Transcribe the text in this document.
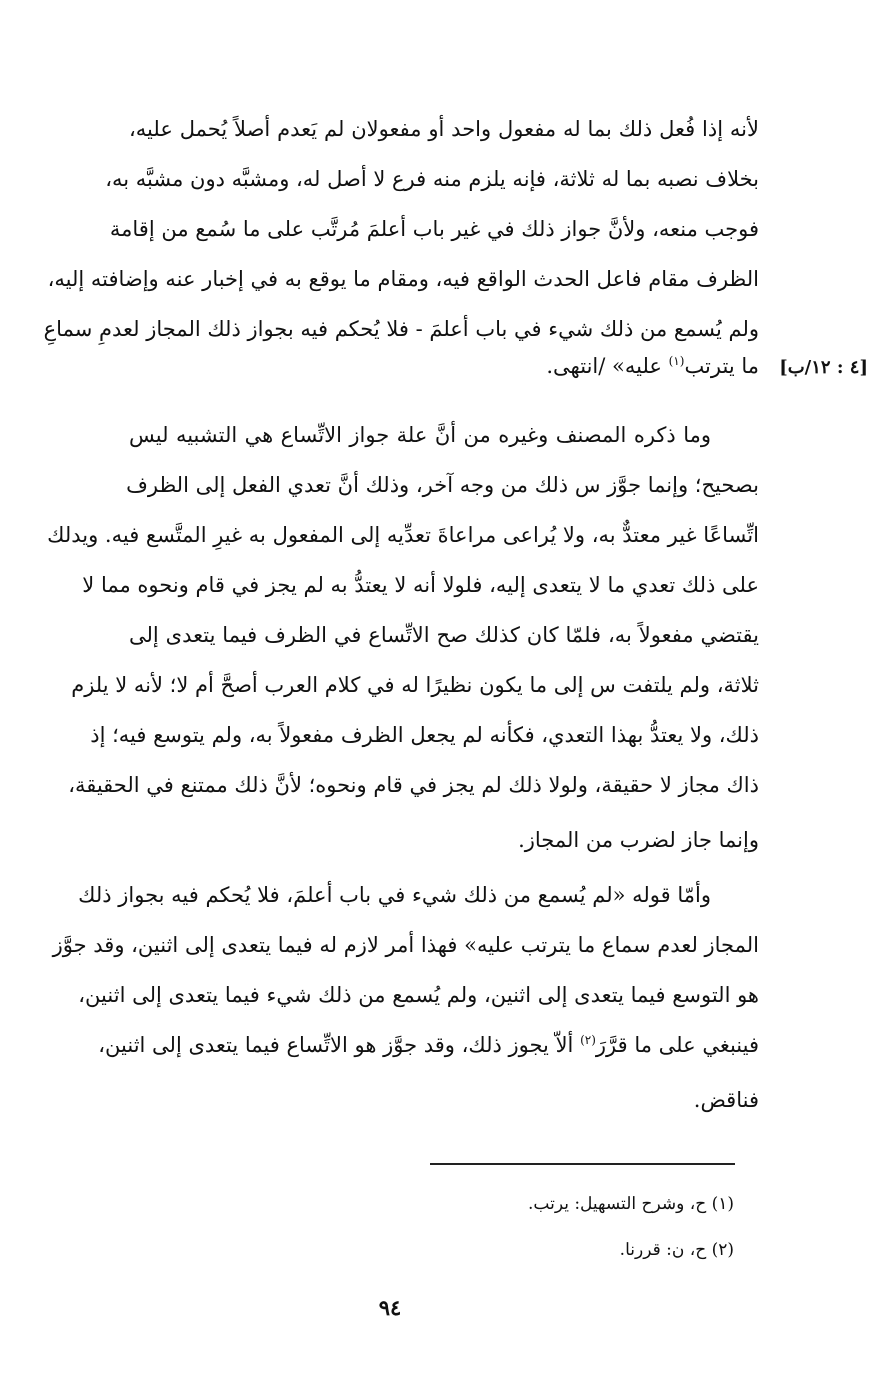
لأنه إذا فُعل ذلك بما له مفعول واحد أو مفعولان لم يَعدم أصلاً يُحمل عليه،
بخلاف نصبه بما له ثلاثة، فإنه يلزم منه فرع لا أصل له، ومشبَّه دون مشبَّه به،
فوجب منعه، ولأنَّ جواز ذلك في غير باب أعلمَ مُرتَّب على ما سُمع من إقامة
الظرف مقام فاعل الحدث الواقع فيه، ومقام ما يوقع به في إخبار عنه وإضافته إليه،
ولم يُسمع من ذلك شيء في باب أعلمَ - فلا يُحكم فيه بجواز ذلك المجاز لعدمِ سماعِ
ما يترتب$^{(١)}$ عليه» /انتهى.	[٤ : ١٢/ب]
وما ذكره المصنف وغيره من أنَّ علة جواز الاتِّساع هي التشبيه ليس
بصحيح؛ وإنما جوَّز س ذلك من وجه آخر، وذلك أنَّ تعدي الفعل إلى الظرف
اتِّساعًا غير معتدٌّ به، ولا يُراعى مراعاةَ تعدِّيه إلى المفعول به غيرِ المتَّسع فيه. ويدلك
على ذلك تعدي ما لا يتعدى إليه، فلولا أنه لا يعتدُّ به لم يجز في قام ونحوه مما لا
يقتضي مفعولاً به، فلمّا كان كذلك صح الاتِّساع في الظرف فيما يتعدى إلى
ثلاثة، ولم يلتفت س إلى ما يكون نظيرًا له في كلام العرب أصحَّ أم لا؛ لأنه لا يلزم
ذلك، ولا يعتدُّ بهذا التعدي، فكأنه لم يجعل الظرف مفعولاً به، ولم يتوسع فيه؛ إذ
ذاك مجاز لا حقيقة، ولولا ذلك لم يجز في قام ونحوه؛ لأنَّ ذلك ممتنع في الحقيقة،
وإنما جاز لضرب من المجاز.
وأمّا قوله «لم يُسمع من ذلك شيء في باب أعلمَ، فلا يُحكم فيه بجواز ذلك
المجاز لعدم سماع ما يترتب عليه» فهذا أمر لازم له فيما يتعدى إلى اثنين، وقد جوَّز
هو التوسع فيما يتعدى إلى اثنين، ولم يُسمع من ذلك شيء فيما يتعدى إلى اثنين،
فينبغي على ما قرَّرَ$^{(٢)}$ ألاّ يجوز ذلك، وقد جوَّز هو الاتِّساع فيما يتعدى إلى اثنين،
فناقض.
(١) ح، وشرح التسهيل: يرتب.
(٢) ح، ن: قررنا.
٩٤
